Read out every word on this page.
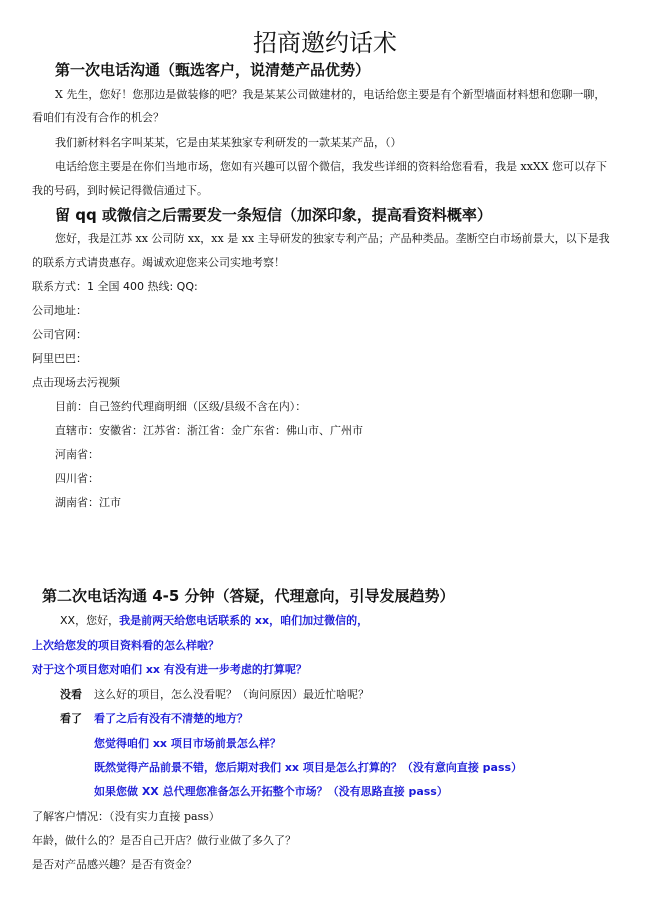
招商邀约话术
第一次电话沟通（甄选客户，说清楚产品优势）
X 先生，您好！您那边是做装修的吧？我是某某公司做建材的，电话给您主要是有个新型墙面材料想和您聊一聊，
看咱们有没有合作的机会？
我们新材料名字叫某某，它是由某某独家专利研发的一款某某产品，（）
电话给您主要是在你们当地市场，您如有兴趣可以留个微信，我发些详细的资料给您看看，我是 xxXX 您可以存下
我的号码，到时候记得微信通过下。
留 qq 或微信之后需要发一条短信（加深印象，提高看资料概率）
您好，我是江苏 xx 公司防 xx，xx 是 xx 主导研发的独家专利产品；产品种类品。垄断空白市场前景大，以下是我
的联系方式请贵惠存。竭诚欢迎您来公司实地考察！
联系方式：1 全国 400 热线: QQ:
公司地址：
公司官网：
阿里巴巴：
点击现场去污视频
目前：自己签约代理商明细（区级/县级不含在内）：
直辖市：安徽省：江苏省：浙江省：金广东省：佛山市、广州市
河南省：
四川省：
湖南省：江市
第二次电话沟通 4-5 分钟（答疑，代理意向，引导发展趋势）
XX，您好，我是前两天给您电话联系的 xx，咱们加过微信的，
上次给您发的项目资料看的怎么样啦？
对于这个项目您对咱们 xx 有没有进一步考虑的打算呢？
没看 这么好的项目，怎么没看呢？（询问原因）最近忙啥呢？
看了 看了之后有没有不清楚的地方？
您觉得咱们 xx 项目市场前景怎么样？
既然觉得产品前景不错，您后期对我们 xx 项目是怎么打算的？（没有意向直接 pass）
如果您做 XX 总代理您准备怎么开拓整个市场？（没有思路直接 pass）
了解客户情况：（没有实力直接 pass）
年龄，做什么的？是否自己开店？做行业做了多久了？
是否对产品感兴趣？是否有资金？
